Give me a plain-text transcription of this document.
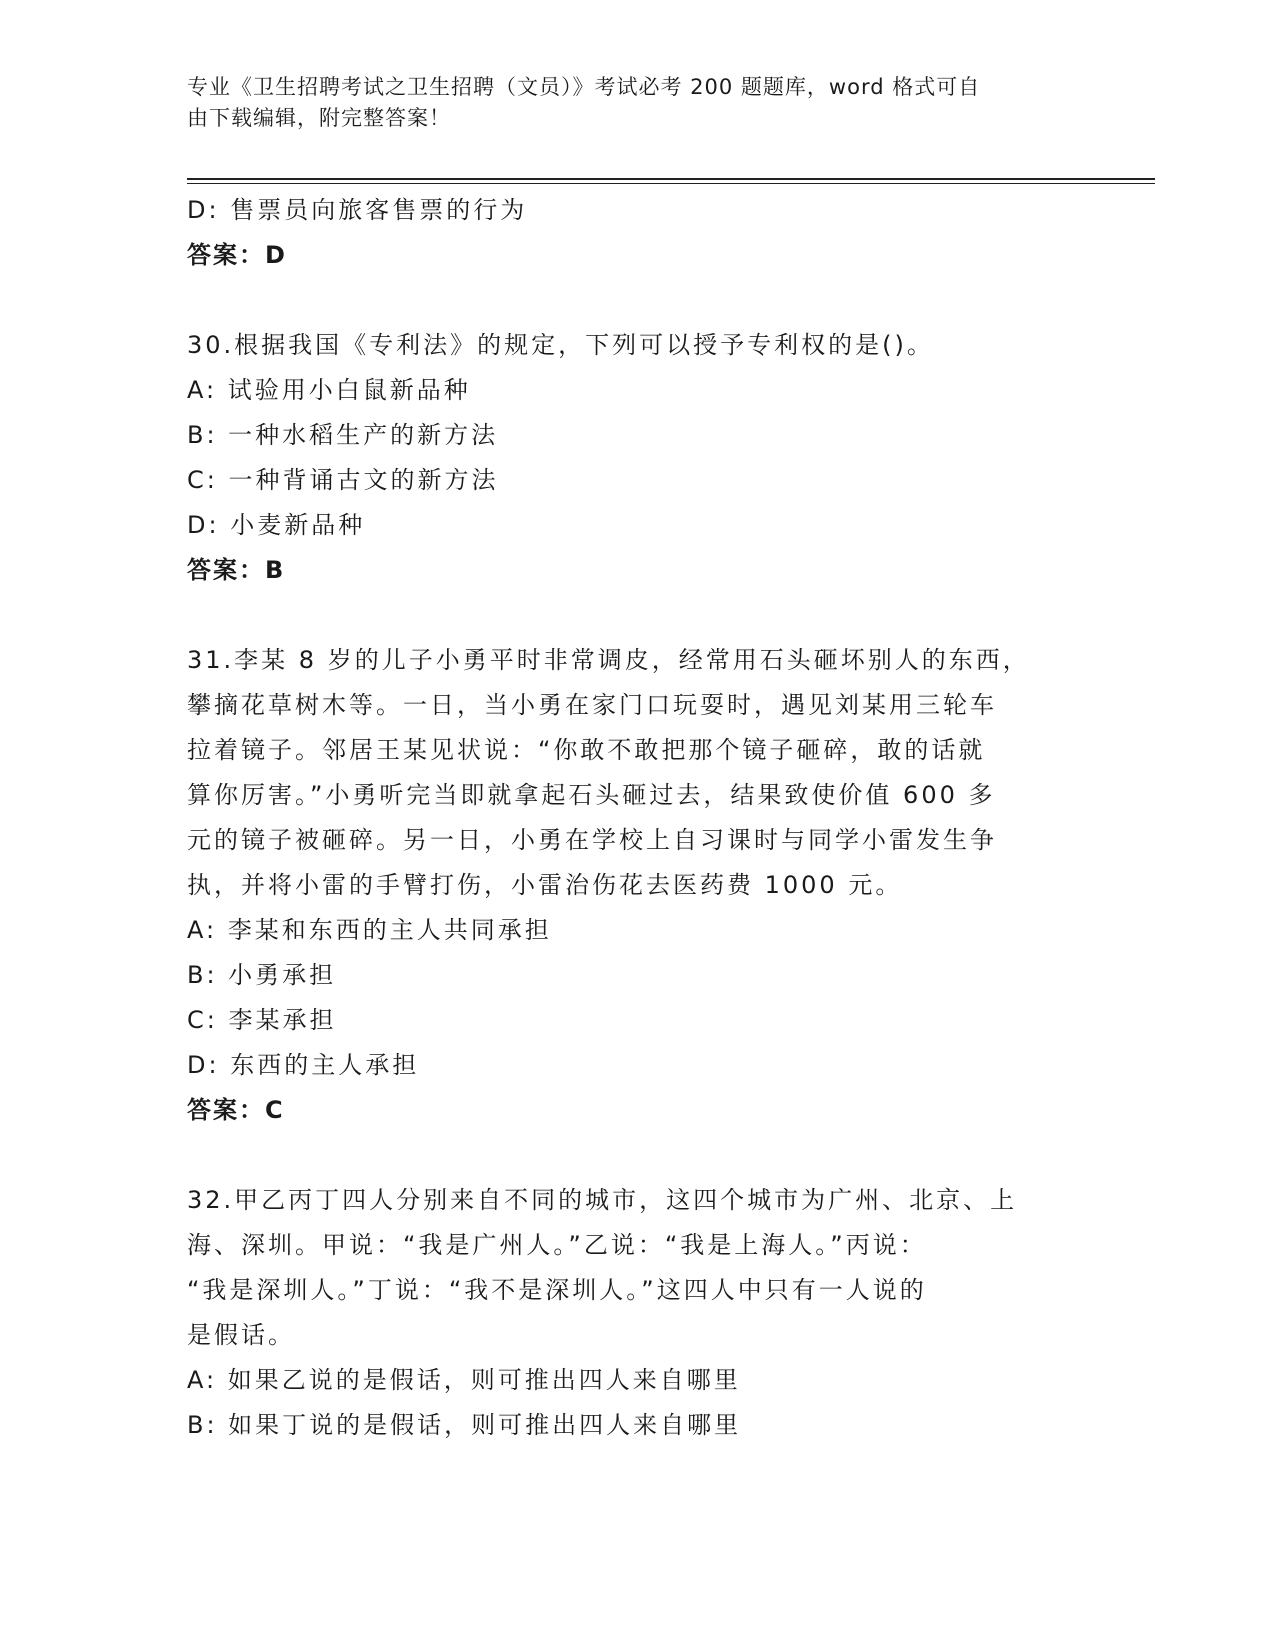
专业《卫生招聘考试之卫生招聘（文员）》考试必考 200 题题库，word 格式可自
由下载编辑，附完整答案！
D: 售票员向旅客售票的行为
答案：D
30.根据我国《专利法》的规定，下列可以授予专利权的是()。
A: 试验用小白鼠新品种
B: 一种水稻生产的新方法
C: 一种背诵古文的新方法
D: 小麦新品种
答案：B
31.李某 8 岁的儿子小勇平时非常调皮，经常用石头砸坏别人的东西，
攀摘花草树木等。一日，当小勇在家门口玩耍时，遇见刘某用三轮车
拉着镜子。邻居王某见状说：“你敢不敢把那个镜子砸碎，敢的话就
算你厉害。”小勇听完当即就拿起石头砸过去，结果致使价值 600 多
元的镜子被砸碎。另一日，小勇在学校上自习课时与同学小雷发生争
执，并将小雷的手臂打伤，小雷治伤花去医药费 1000 元。
A: 李某和东西的主人共同承担
B: 小勇承担
C: 李某承担
D: 东西的主人承担
答案：C
32.甲乙丙丁四人分别来自不同的城市，这四个城市为广州、北京、上
海、深圳。甲说：“我是广州人。”乙说：“我是上海人。”丙说：
“我是深圳人。”丁说：“我不是深圳人。”这四人中只有一人说的
是假话。
A: 如果乙说的是假话，则可推出四人来自哪里
B: 如果丁说的是假话，则可推出四人来自哪里
